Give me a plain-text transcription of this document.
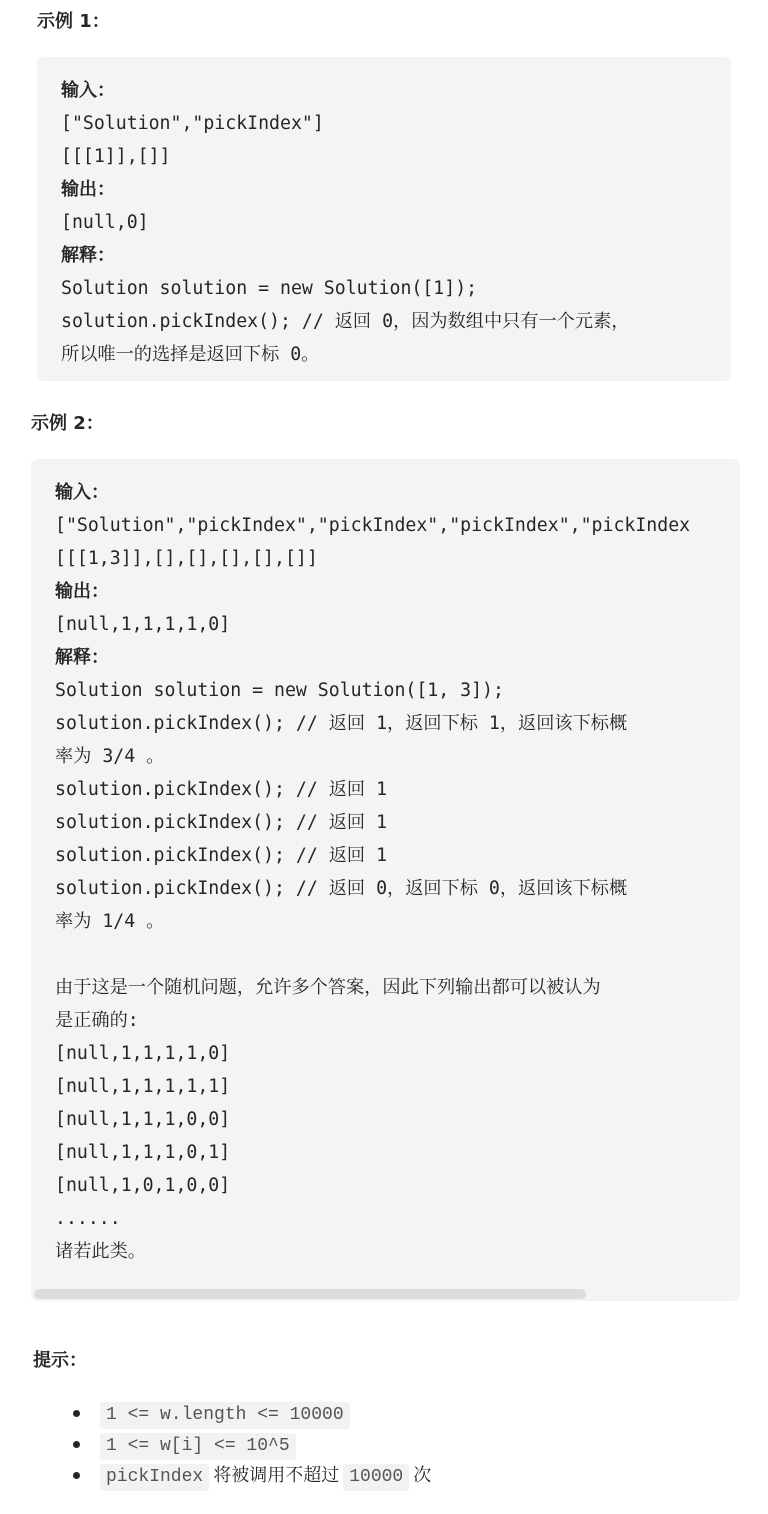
示例 1：
输入：
["Solution","pickIndex"]
[[[1]],[]]
输出：
[null,0]
解释：
Solution solution = new Solution([1]);
solution.pickIndex(); // 返回 0，因为数组中只有一个元素，
所以唯一的选择是返回下标 0。
示例 2：
输入：
["Solution","pickIndex","pickIndex","pickIndex","pickIndex
[[[1,3]],[],[],[],[],[]]
输出：
[null,1,1,1,1,0]
解释：
Solution solution = new Solution([1, 3]);
solution.pickIndex(); // 返回 1，返回下标 1，返回该下标概
率为 3/4 。
solution.pickIndex(); // 返回 1
solution.pickIndex(); // 返回 1
solution.pickIndex(); // 返回 1
solution.pickIndex(); // 返回 0，返回下标 0，返回该下标概
率为 1/4 。
由于这是一个随机问题，允许多个答案，因此下列输出都可以被认为
是正确的:
[null,1,1,1,1,0]
[null,1,1,1,1,1]
[null,1,1,1,0,0]
[null,1,1,1,0,1]
[null,1,0,1,0,0]
......
诸若此类。
提示：
1 <= w.length <= 10000
1 <= w[i] <= 10^5
pickIndex 将被调用不超过 10000 次
